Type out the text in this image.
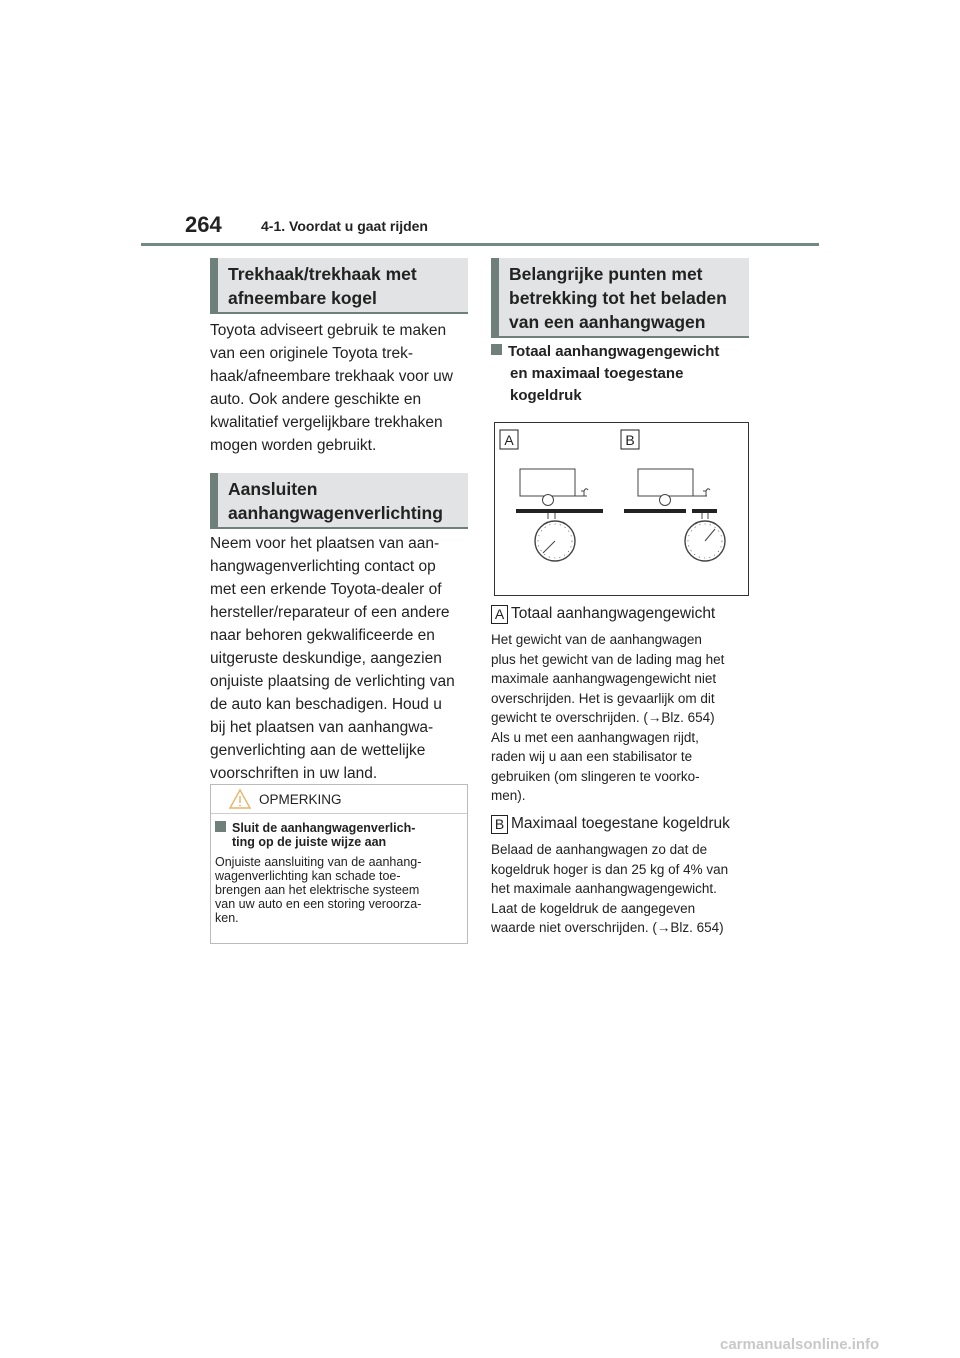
264	4-1. Voordat u gaat rijden
Trekhaak/trekhaak met
afneembare kogel
Toyota adviseert gebruik te maken
van een originele Toyota trek-
haak/afneembare trekhaak voor uw
auto. Ook andere geschikte en
kwalitatief vergelijkbare trekhaken
mogen worden gebruikt.
Aansluiten
aanhangwagenverlichting
Neem voor het plaatsen van aan-
hangwagenverlichting contact op
met een erkende Toyota-dealer of
hersteller/reparateur of een andere
naar behoren gekwalificeerde en
uitgeruste deskundige, aangezien
onjuiste plaatsing de verlichting van
de auto kan beschadigen. Houd u
bij het plaatsen van aanhangwa-
genverlichting aan de wettelijke
voorschriften in uw land.
OPMERKING
Sluit de aanhangwagenverlich-
ting op de juiste wijze aan
Onjuiste aansluiting van de aanhang-
wagenverlichting kan schade toe-
brengen aan het elektrische systeem
van uw auto en een storing veroorza-
ken.
Belangrijke punten met
betrekking tot het beladen
van een aanhangwagen
Totaal aanhangwagengewicht
en maximaal toegestane
kogeldruk
A	B
A Totaal aanhangwagengewicht
Het gewicht van de aanhangwagen
plus het gewicht van de lading mag het
maximale aanhangwagengewicht niet
overschrijden. Het is gevaarlijk om dit
gewicht te overschrijden. (→Blz. 654)
Als u met een aanhangwagen rijdt,
raden wij u aan een stabilisator te
gebruiken (om slingeren te voorko-
men).
B Maximaal toegestane kogeldruk
Belaad de aanhangwagen zo dat de
kogeldruk hoger is dan 25 kg of 4% van
het maximale aanhangwagengewicht.
Laat de kogeldruk de aangegeven
waarde niet overschrijden. (→Blz. 654)
carmanualsonline.info
